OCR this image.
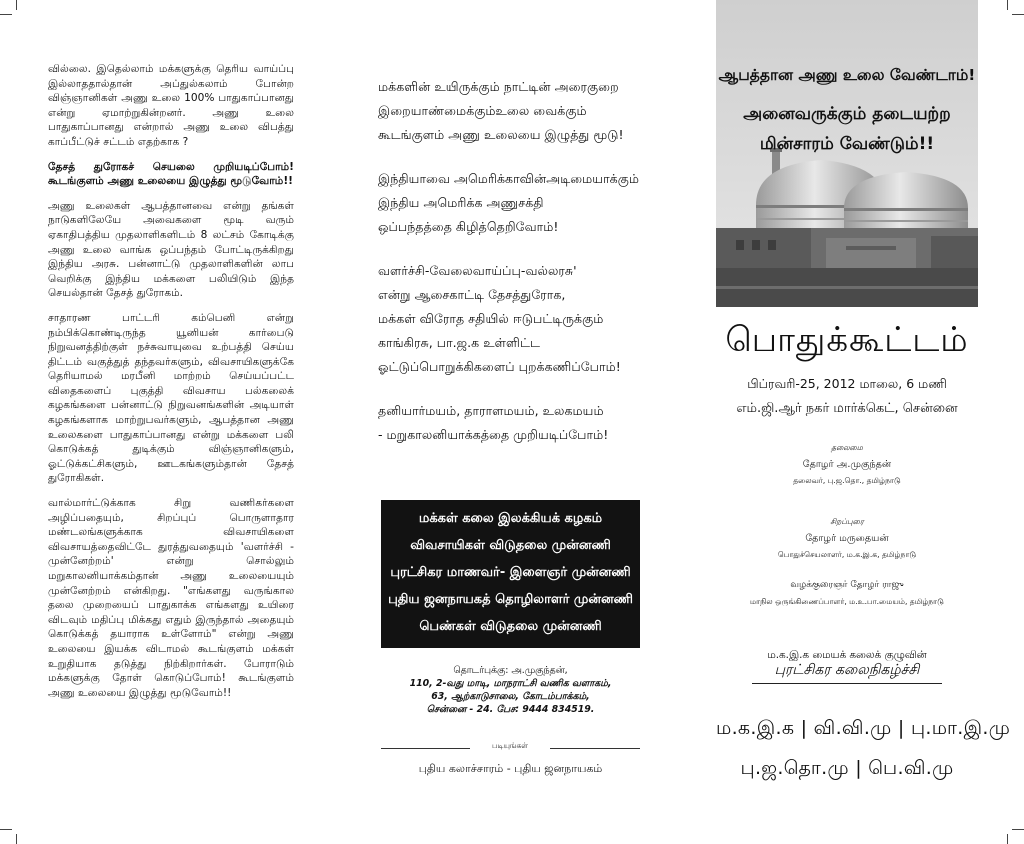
வில்லை. இதெல்லாம் மக்களுக்கு தெரிய வாய்ப்பு இல்லாததால்தான் அப்துல்கலாம் போன்ற விஞ்ஞானிகள் அணு உலை 100% பாதுகாப்பானது என்று ஏமாற்றுகின்றனர். அணு உலை பாதுகாப்பானது என்றால் அணு உலை விபத்து காப்பீட்டுச் சட்டம் எதற்காக ?

தேசத் துரோகச் செயலை முறியடிப்போம்! கூடங்குளம் அணு உலையை இழுத்து மூடுவோம்!!

அணு உலைகள் ஆபத்தானவை என்று தங்கள் நாடுகளிலேயே அவைகளை மூடி வரும் ஏகாதிபத்திய முதலாளிகளிடம் 8 லட்சம் கோடிக்கு அணு உலை வாங்க ஒப்பந்தம் போட்டிருக்கிறது இந்திய அரசு. பன்னாட்டு முதலாளிகளின் லாப வெறிக்கு இந்திய மக்களை பலியிடும் இந்த செயல்தான் தேசத் துரோகம்.

சாதாரண பாட்டரி கம்பெனி என்று நம்பிக்கொண்டிருந்த யூனியன் கார்பைடு நிறுவனத்திற்குள் நச்சுவாயுவை உற்பத்தி செய்ய திட்டம் வகுத்துத் தந்தவர்களும், விவசாயிகளுக்கே தெரியாமல் மரபீனி மாற்றம் செய்யப்பட்ட விதைகளைப் புகுத்தி விவசாய பல்கலைக் கழகங்களை பன்னாட்டு நிறுவனங்களின் அடியாள் கழகங்களாக மாற்றுபவர்களும், ஆபத்தான அணு உலைகளை பாதுகாப்பானது என்று மக்களை பலி கொடுக்கத் துடிக்கும் விஞ்ஞானிகளும், ஓட்டுக்கட்சிகளும், ஊடகங்களும்தான் தேசத் துரோகிகள்.

வால்மார்ட்டுக்காக சிறு வணிகர்களை அழிப்பதையும், சிறப்புப் பொருளாதார மண்டலங்களுக்காக விவசாயிகளை விவசாயத்தைவிட்டே துரத்துவதையும் 'வளர்ச்சி - முன்னேற்றம்' என்று சொல்லும் மறுகாலனியாக்கம்தான் அணு உலையையும் முன்னேற்றம் என்கிறது. "எங்களது வருங்கால தலை முறையைப் பாதுகாக்க எங்களது உயிரை விடவும் மதிப்பு மிக்கது எதும் இருந்தால் அதையும் கொடுக்கத் தயாராக உள்ளோம்" என்று அணு உலையை இயக்க விடாமல் கூடங்குளம் மக்கள் உறுதியாக தடுத்து நிற்கிறார்கள். போராடும் மக்களுக்கு தோள் கொடுப்போம்! கூடங்குளம் அணு உலையை இழுத்து மூடுவோம்!!

மக்களின் உயிருக்கும் நாட்டின் அரைகுறை
இறையாண்மைக்கும்உலை வைக்கும்
கூடங்குளம் அணு உலையை இழுத்து மூடு!
இந்தியாவை அமெரிக்காவின்அடிமையாக்கும்
இந்திய அமெரிக்க அணுசக்தி
ஒப்பந்தத்தை கிழித்தெறிவோம்!
வளர்ச்சி-வேலைவாய்ப்பு-வல்லரசு'
என்று ஆசைகாட்டி தேசத்துரோக,
மக்கள் விரோத சதியில் ஈடுபட்டிருக்கும்
காங்கிரசு, பா.ஜ.க உள்ளிட்ட
ஓட்டுப்பொறுக்கிகளைப் புறக்கணிப்போம்!
தனியார்மயம், தாராளமயம், உலகமயம்
- மறுகாலனியாக்கத்தை முறியடிப்போம்!
மக்கள் கலை இலக்கியக் கழகம்
விவசாயிகள் விடுதலை முன்னணி
புரட்சிகர மாணவர்- இளைஞர் முன்னணி
புதிய ஜனநாயகத் தொழிலாளர் முன்னணி
பெண்கள் விடுதலை முன்னணி
தொடர்புக்கு: அ.முகுந்தன்,
110, 2-வது மாடி, மாநராட்சி வணிக வளாகம்,
63, ஆற்காடுசாலை, கோடம்பாக்கம்,
சென்னை - 24. பேச: 9444 834519.
படியுங்கள்
புதிய கலாச்சாரம் - புதிய ஜனநாயகம்
ஆபத்தான அணு உலை வேண்டாம்!
அனைவருக்கும் தடையற்ற
மின்சாரம் வேண்டும்!!
பொதுக்கூட்டம்
பிப்ரவரி-25, 2012 மாலை, 6 மணி
எம்.ஜி.ஆர் நகர் மார்க்கெட், சென்னை
தலைமை
தோழர் அ.முகுந்தன்
தலைவர், பு.ஜ.தொ., தமிழ்நாடு
சிறப்புரை
தோழர் மருதையன்
பொதுச்செயலாளர், ம.க.இ.க, தமிழ்நாடு
வழக்குரைஞர் தோழர் ராஜு
மாநில ஒருங்கிணைப்பாளர், ம.உ.பா.மையம், தமிழ்நாடு
ம.க.இ.க மையக் கலைக் குழுவின்
புரட்சிகர கலைநிகழ்ச்சி
ம.க.இ.க | வி.வி.மு | பு.மா.இ.மு
பு.ஜ.தொ.மு | பெ.வி.மு
